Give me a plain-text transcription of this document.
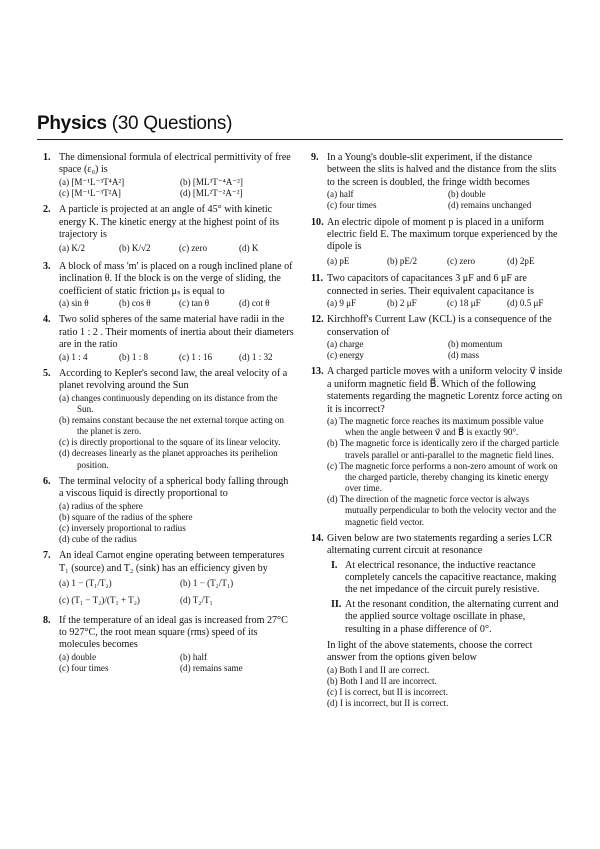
Physics (30 Questions)
1. The dimensional formula of electrical permittivity of free space (ε₀) is
(a) [M⁻¹L⁻³T⁴A²]	(b) [ML³T⁻⁴A⁻²]
(c) [M⁻¹L⁻³T²A]	(d) [ML²T⁻²A⁻²]
2. A particle is projected at an angle of 45° with kinetic energy K. The kinetic energy at the highest point of its trajectory is
(a) K/2	(b) K/√2	(c) zero	(d) K
3. A block of mass 'm' is placed on a rough inclined plane of inclination θ. If the block is on the verge of sliding, the coefficient of static friction μₛ is equal to
(a) sin θ	(b) cos θ	(c) tan θ	(d) cot θ
4. Two solid spheres of the same material have radii in the ratio 1 : 2 . Their moments of inertia about their diameters are in the ratio
(a) 1 : 4	(b) 1 : 8	(c) 1 : 16	(d) 1 : 32
5. According to Kepler's second law, the areal velocity of a planet revolving around the Sun
(a) changes continuously depending on its distance from the Sun.
(b) remains constant because the net external torque acting on the planet is zero.
(c) is directly proportional to the square of its linear velocity.
(d) decreases linearly as the planet approaches its perihelion position.
6. The terminal velocity of a spherical body falling through a viscous liquid is directly proportional to
(a) radius of the sphere
(b) square of the radius of the sphere
(c) inversely proportional to radius
(d) cube of the radius
7. An ideal Carnot engine operating between temperatures T₁ (source) and T₂ (sink) has an efficiency given by
(a) 1 − (T₁/T₂)	(b) 1 − (T₂/T₁)
(c) (T₁ − T₂)/(T₁ + T₂)	(d) T₂/T₁
8. If the temperature of an ideal gas is increased from 27°C to 927°C, the root mean square (rms) speed of its molecules becomes
(a) double	(b) half
(c) four times	(d) remains same
9. In a Young's double-slit experiment, if the distance between the slits is halved and the distance from the slits to the screen is doubled, the fringe width becomes
(a) half	(b) double
(c) four times	(d) remains unchanged
10. An electric dipole of moment p is placed in a uniform electric field E. The maximum torque experienced by the dipole is
(a) pE	(b) pE/2	(c) zero	(d) 2pE
11. Two capacitors of capacitances 3 μF and 6 μF are connected in series. Their equivalent capacitance is
(a) 9 μF	(b) 2 μF	(c) 18 μF	(d) 0.5 μF
12. Kirchhoff's Current Law (KCL) is a consequence of the conservation of
(a) charge	(b) momentum
(c) energy	(d) mass
13. A charged particle moves with a uniform velocity v⃗ inside a uniform magnetic field B⃗. Which of the following statements regarding the magnetic Lorentz force acting on it is incorrect?
(a) The magnetic force reaches its maximum possible value when the angle between v⃗ and B⃗ is exactly 90°.
(b) The magnetic force is identically zero if the charged particle travels parallel or anti-parallel to the magnetic field lines.
(c) The magnetic force performs a non-zero amount of work on the charged particle, thereby changing its kinetic energy over time.
(d) The direction of the magnetic force vector is always mutually perpendicular to both the velocity vector and the magnetic field vector.
14. Given below are two statements regarding a series LCR alternating current circuit at resonance
I. At electrical resonance, the inductive reactance completely cancels the capacitive reactance, making the net impedance of the circuit purely resistive.
II. At the resonant condition, the alternating current and the applied source voltage oscillate in phase, resulting in a phase difference of 0°.
In light of the above statements, choose the correct answer from the options given below
(a) Both I and II are correct.
(b) Both I and II are incorrect.
(c) I is correct, but II is incorrect.
(d) I is incorrect, but II is correct.
